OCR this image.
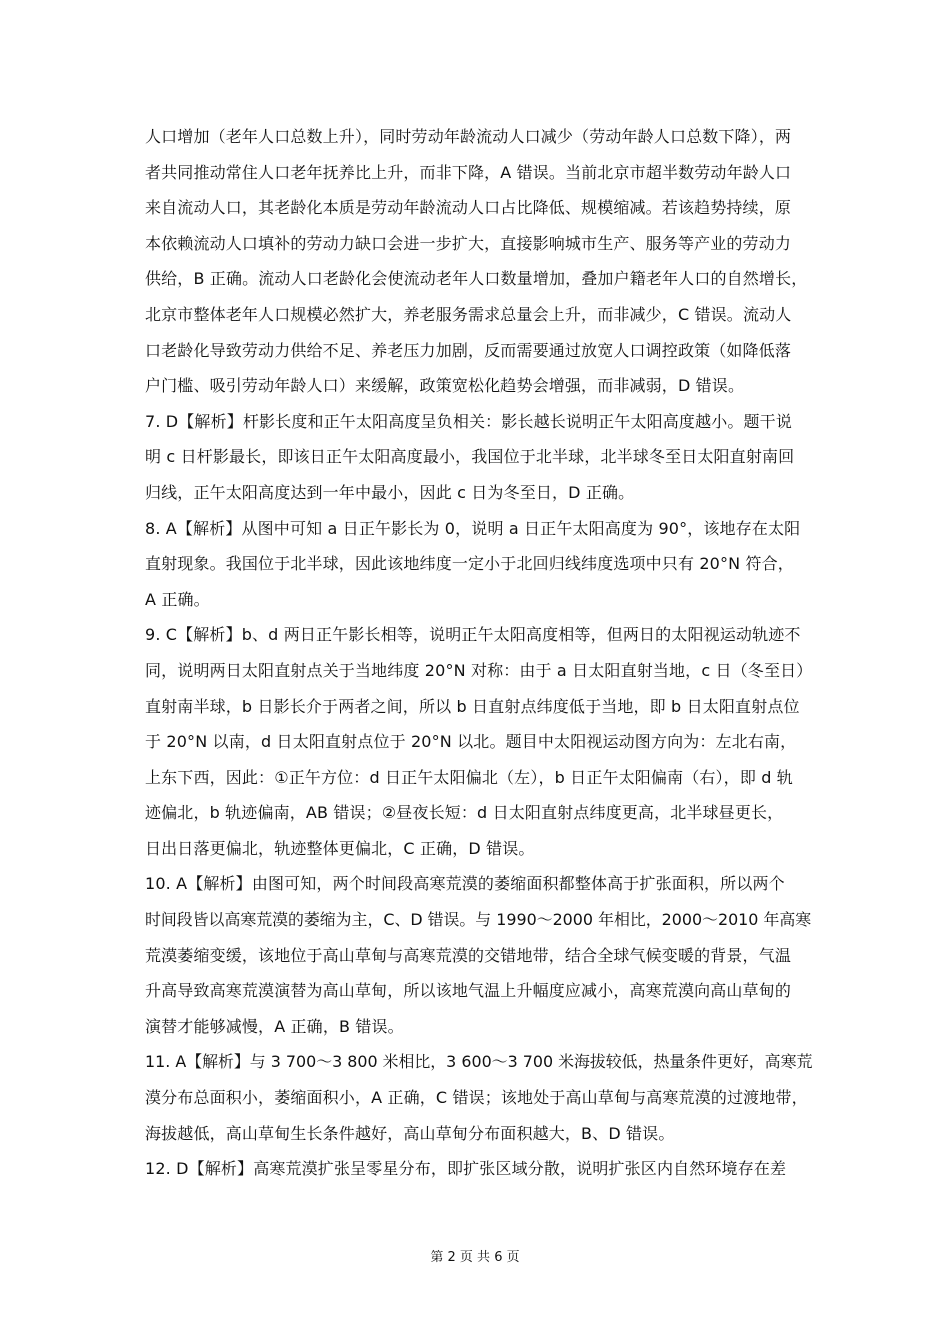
人口增加（老年人口总数上升），同时劳动年龄流动人口减少（劳动年龄人口总数下降），两
者共同推动常住人口老年抚养比上升，而非下降，A 错误。当前北京市超半数劳动年龄人口
来自流动人口，其老龄化本质是劳动年龄流动人口占比降低、规模缩减。若该趋势持续，原
本依赖流动人口填补的劳动力缺口会进一步扩大，直接影响城市生产、服务等产业的劳动力
供给，B 正确。流动人口老龄化会使流动老年人口数量增加，叠加户籍老年人口的自然增长，
北京市整体老年人口规模必然扩大，养老服务需求总量会上升，而非减少，C 错误。流动人
口老龄化导致劳动力供给不足、养老压力加剧，反而需要通过放宽人口调控政策（如降低落
户门槛、吸引劳动年龄人口）来缓解，政策宽松化趋势会增强，而非减弱，D 错误。
7. D【解析】杆影长度和正午太阳高度呈负相关：影长越长说明正午太阳高度越小。题干说
明 c 日杆影最长，即该日正午太阳高度最小，我国位于北半球，北半球冬至日太阳直射南回
归线，正午太阳高度达到一年中最小，因此 c 日为冬至日，D 正确。
8. A【解析】从图中可知 a 日正午影长为 0，说明 a 日正午太阳高度为 90°，该地存在太阳
直射现象。我国位于北半球，因此该地纬度一定小于北回归线纬度选项中只有 20°N 符合，
A 正确。
9. C【解析】b、d 两日正午影长相等，说明正午太阳高度相等，但两日的太阳视运动轨迹不
同，说明两日太阳直射点关于当地纬度 20°N 对称：由于 a 日太阳直射当地，c 日（冬至日）
直射南半球，b 日影长介于两者之间，所以 b 日直射点纬度低于当地，即 b 日太阳直射点位
于 20°N 以南，d 日太阳直射点位于 20°N 以北。题目中太阳视运动图方向为：左北右南，
上东下西，因此：①正午方位：d 日正午太阳偏北（左），b 日正午太阳偏南（右），即 d 轨
迹偏北，b 轨迹偏南，AB 错误；②昼夜长短：d 日太阳直射点纬度更高，北半球昼更长，
日出日落更偏北，轨迹整体更偏北，C 正确，D 错误。
10. A【解析】由图可知，两个时间段高寒荒漠的萎缩面积都整体高于扩张面积，所以两个
时间段皆以高寒荒漠的萎缩为主，C、D 错误。与 1990～2000 年相比，2000～2010 年高寒
荒漠萎缩变缓，该地位于高山草甸与高寒荒漠的交错地带，结合全球气候变暖的背景，气温
升高导致高寒荒漠演替为高山草甸，所以该地气温上升幅度应减小，高寒荒漠向高山草甸的
演替才能够减慢，A 正确，B 错误。
11. A【解析】与 3 700～3 800 米相比，3 600～3 700 米海拔较低，热量条件更好，高寒荒
漠分布总面积小，萎缩面积小，A 正确，C 错误；该地处于高山草甸与高寒荒漠的过渡地带，
海拔越低，高山草甸生长条件越好，高山草甸分布面积越大，B、D 错误。
12. D【解析】高寒荒漠扩张呈零星分布，即扩张区域分散，说明扩张区内自然环境存在差
第 2 页 共 6 页
